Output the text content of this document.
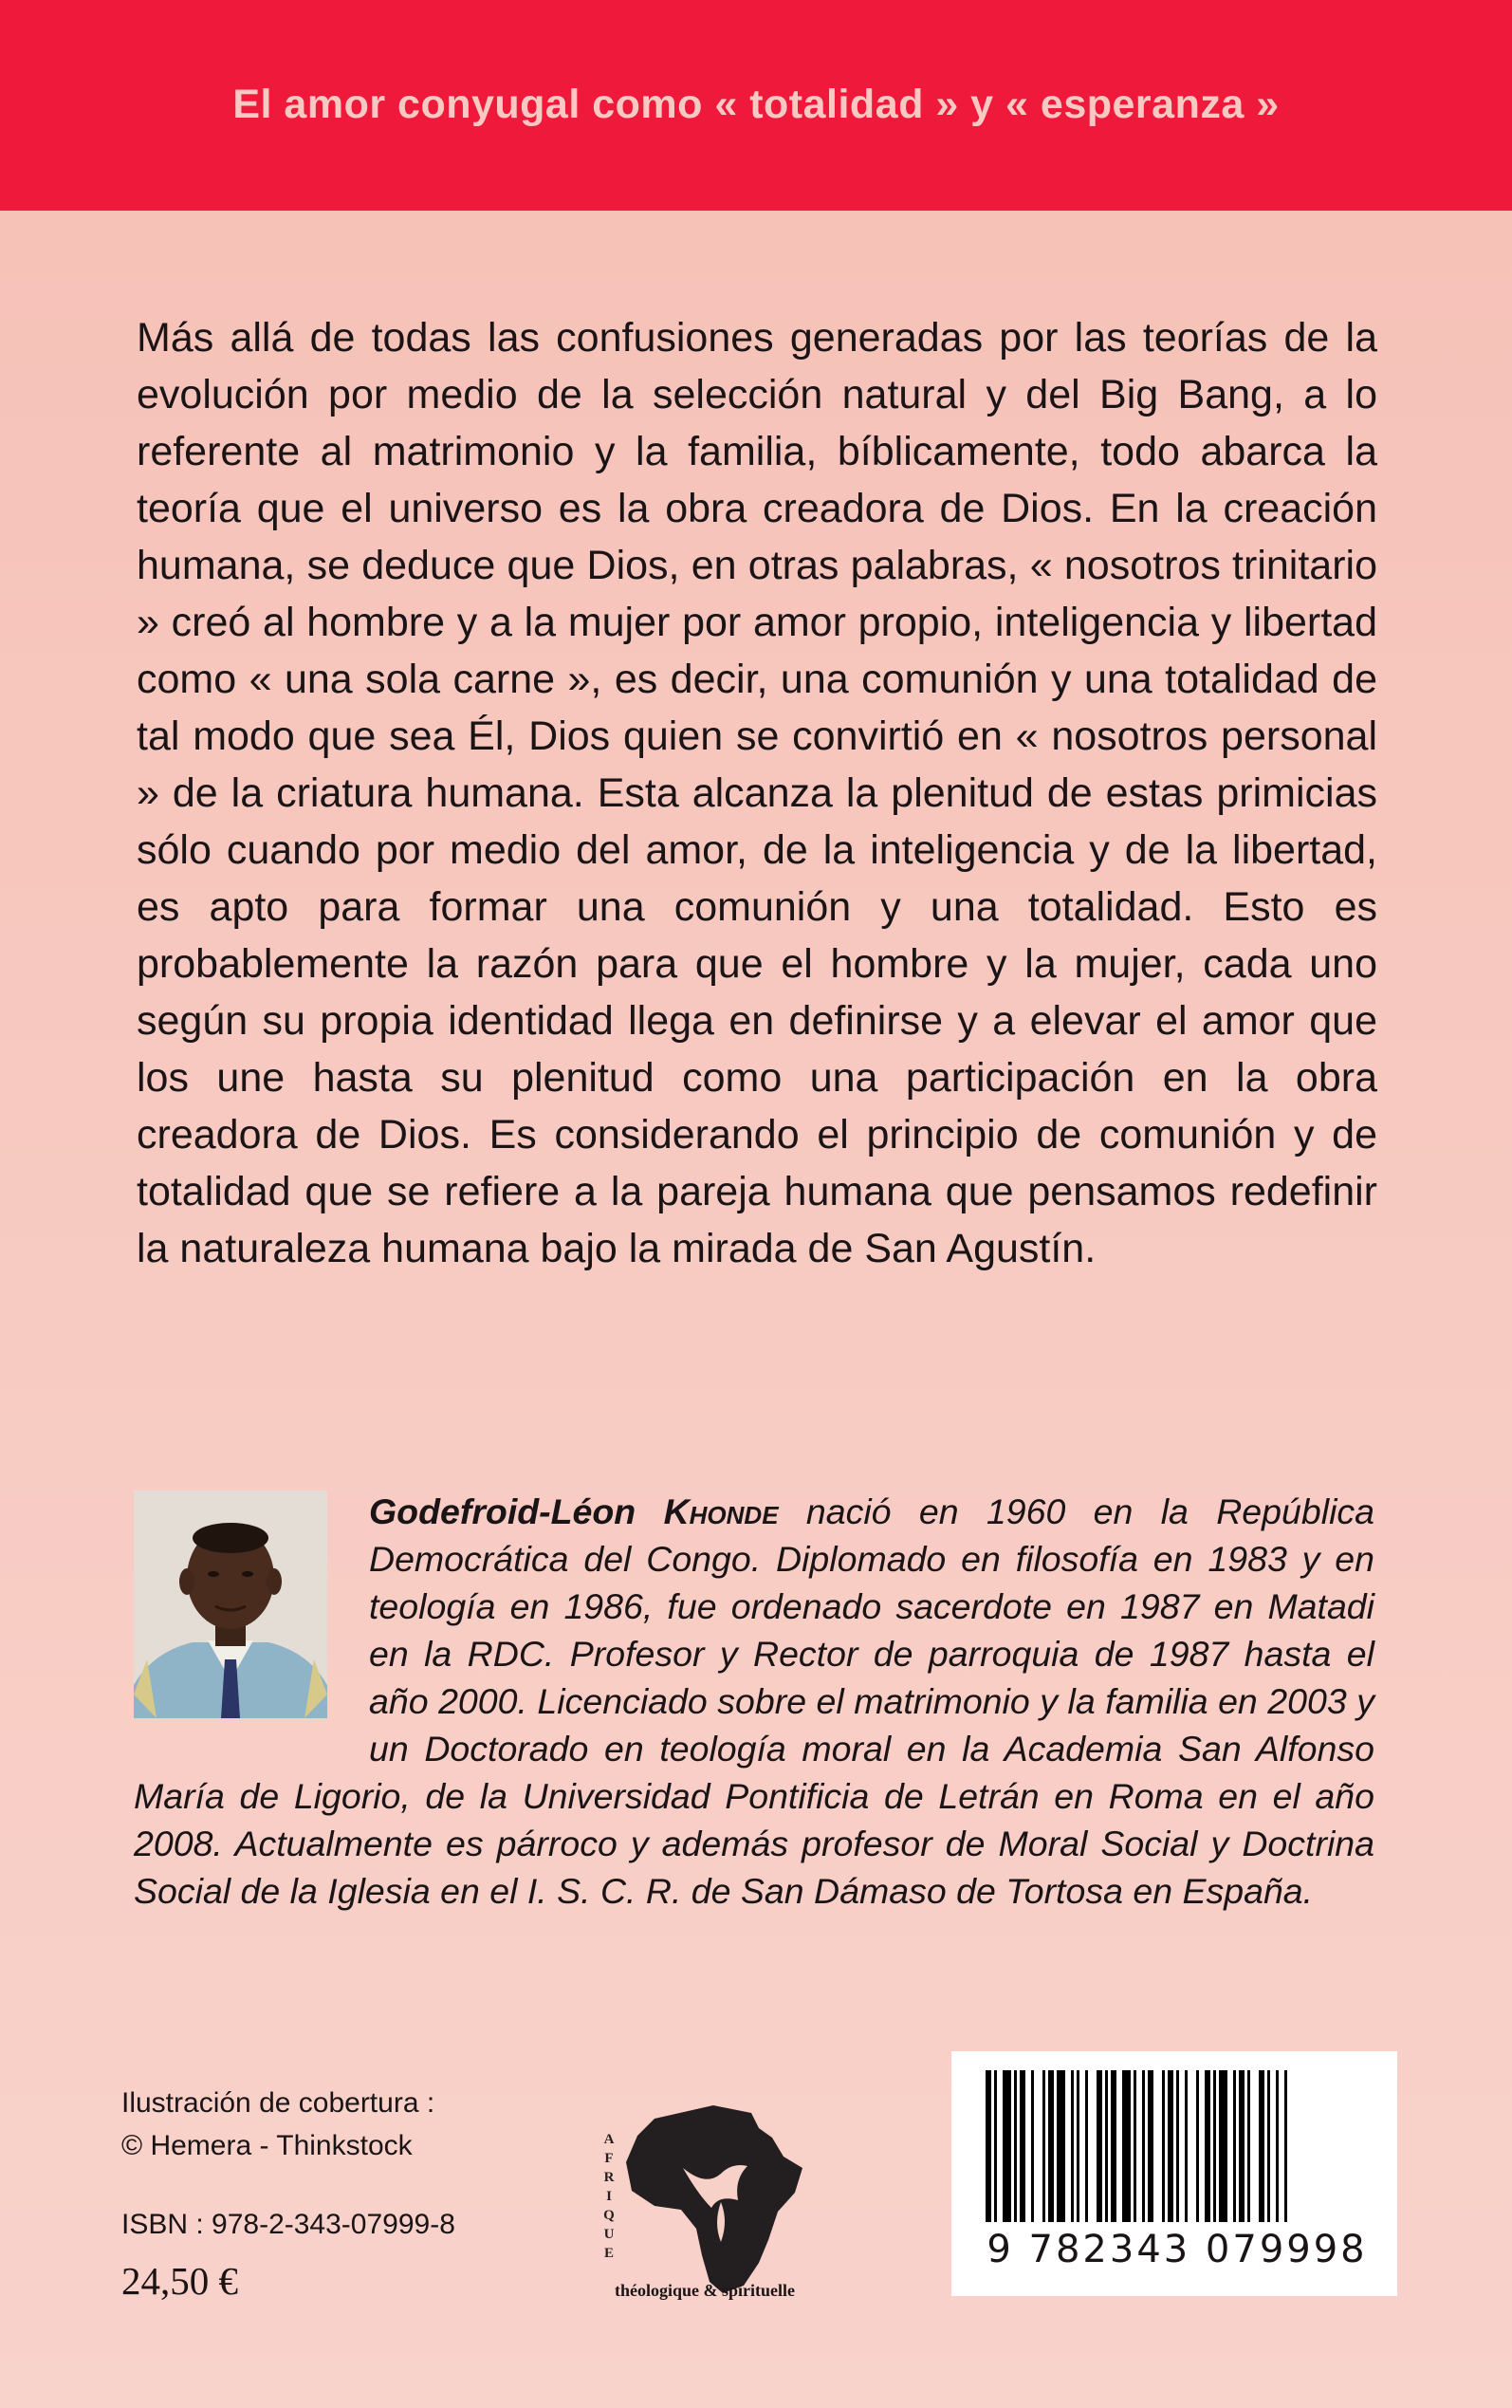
El amor conyugal como « totalidad » y « esperanza »

Más allá de todas las confusiones generadas por las teorías de la evolución por medio de la selección natural y del Big Bang, a lo referente al matrimonio y la familia, bíblicamente, todo abarca la teoría que el universo es la obra creadora de Dios. En la creación humana, se deduce que Dios, en otras palabras, « nosotros trinitario » creó al hombre y a la mujer por amor propio, inteligencia y libertad como « una sola carne », es decir, una comunión y una totalidad de tal modo que sea Él, Dios quien se convirtió en « nosotros personal » de la criatura humana. Esta alcanza la plenitud de estas primicias sólo cuando por medio del amor, de la inteligencia y de la libertad, es apto para formar una comunión y una totalidad. Esto es probablemente la razón para que el hombre y la mujer, cada uno según su propia identidad llega en definirse y a elevar el amor que los une hasta su plenitud como una participación en la obra creadora de Dios. Es considerando el principio de comunión y de totalidad que se refiere a la pareja humana que pensamos redefinir la naturaleza humana bajo la mirada de San Agustín.

Godefroid-Léon Khonde nació en 1960 en la República Democrática del Congo. Diplomado en filosofía en 1983 y en teología en 1986, fue ordenado sacerdote en 1987 en Matadi en la RDC. Profesor y Rector de parroquia de 1987 hasta el año 2000. Licenciado sobre el matrimonio y la familia en 2003 y un Doctorado en teología moral en la Academia San Alfonso María de Ligorio, de la Universidad Pontificia de Letrán en Roma en el año 2008. Actualmente es párroco y además profesor de Moral Social y Doctrina Social de la Iglesia en el I. S. C. R. de San Dámaso de Tortosa en España.
Ilustración de cobertura :
© Hemera - Thinkstock
ISBN : 978-2-343-07999-8
24,50 €
A F R I Q U E
théologique & spirituelle
9 782343 079998
